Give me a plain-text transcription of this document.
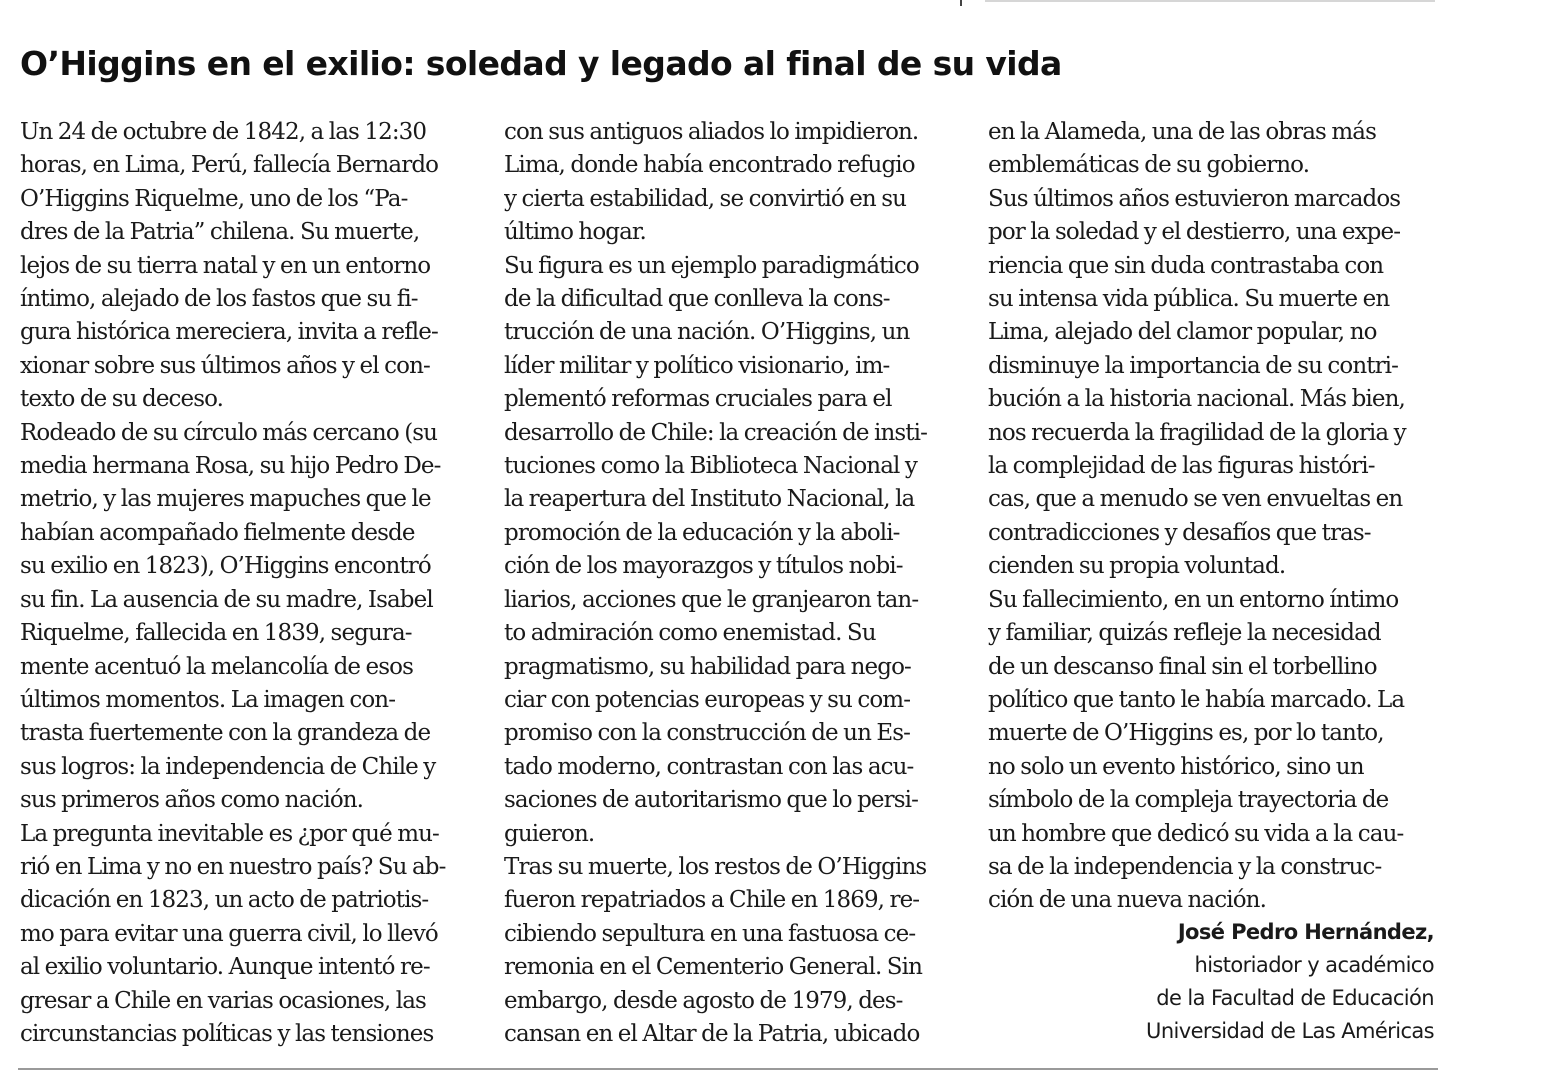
O’Higgins en el exilio: soledad y legado al final de su vida
Un 24 de octubre de 1842, a las 12:30
horas, en Lima, Perú, fallecía Bernardo
O’Higgins Riquelme, uno de los “Pa-
dres de la Patria” chilena. Su muerte,
lejos de su tierra natal y en un entorno
íntimo, alejado de los fastos que su fi-
gura histórica mereciera, invita a refle-
xionar sobre sus últimos años y el con-
texto de su deceso.
Rodeado de su círculo más cercano (su
media hermana Rosa, su hijo Pedro De-
metrio, y las mujeres mapuches que le
habían acompañado fielmente desde
su exilio en 1823), O’Higgins encontró
su fin. La ausencia de su madre, Isabel
Riquelme, fallecida en 1839, segura-
mente acentuó la melancolía de esos
últimos momentos. La imagen con-
trasta fuertemente con la grandeza de
sus logros: la independencia de Chile y
sus primeros años como nación.
La pregunta inevitable es ¿por qué mu-
rió en Lima y no en nuestro país? Su ab-
dicación en 1823, un acto de patriotis-
mo para evitar una guerra civil, lo llevó
al exilio voluntario. Aunque intentó re-
gresar a Chile en varias ocasiones, las
circunstancias políticas y las tensiones
con sus antiguos aliados lo impidieron.
Lima, donde había encontrado refugio
y cierta estabilidad, se convirtió en su
último hogar.
Su figura es un ejemplo paradigmático
de la dificultad que conlleva la cons-
trucción de una nación. O’Higgins, un
líder militar y político visionario, im-
plementó reformas cruciales para el
desarrollo de Chile: la creación de insti-
tuciones como la Biblioteca Nacional y
la reapertura del Instituto Nacional, la
promoción de la educación y la aboli-
ción de los mayorazgos y títulos nobi-
liarios, acciones que le granjearon tan-
to admiración como enemistad. Su
pragmatismo, su habilidad para nego-
ciar con potencias europeas y su com-
promiso con la construcción de un Es-
tado moderno, contrastan con las acu-
saciones de autoritarismo que lo persi-
guieron.
Tras su muerte, los restos de O’Higgins
fueron repatriados a Chile en 1869, re-
cibiendo sepultura en una fastuosa ce-
remonia en el Cementerio General. Sin
embargo, desde agosto de 1979, des-
cansan en el Altar de la Patria, ubicado
en la Alameda, una de las obras más
emblemáticas de su gobierno.
Sus últimos años estuvieron marcados
por la soledad y el destierro, una expe-
riencia que sin duda contrastaba con
su intensa vida pública. Su muerte en
Lima, alejado del clamor popular, no
disminuye la importancia de su contri-
bución a la historia nacional. Más bien,
nos recuerda la fragilidad de la gloria y
la complejidad de las figuras históri-
cas, que a menudo se ven envueltas en
contradicciones y desafíos que tras-
cienden su propia voluntad.
Su fallecimiento, en un entorno íntimo
y familiar, quizás refleje la necesidad
de un descanso final sin el torbellino
político que tanto le había marcado. La
muerte de O’Higgins es, por lo tanto,
no solo un evento histórico, sino un
símbolo de la compleja trayectoria de
un hombre que dedicó su vida a la cau-
sa de la independencia y la construc-
ción de una nueva nación.
José Pedro Hernández,
historiador y académico
de la Facultad de Educación
Universidad de Las Américas
